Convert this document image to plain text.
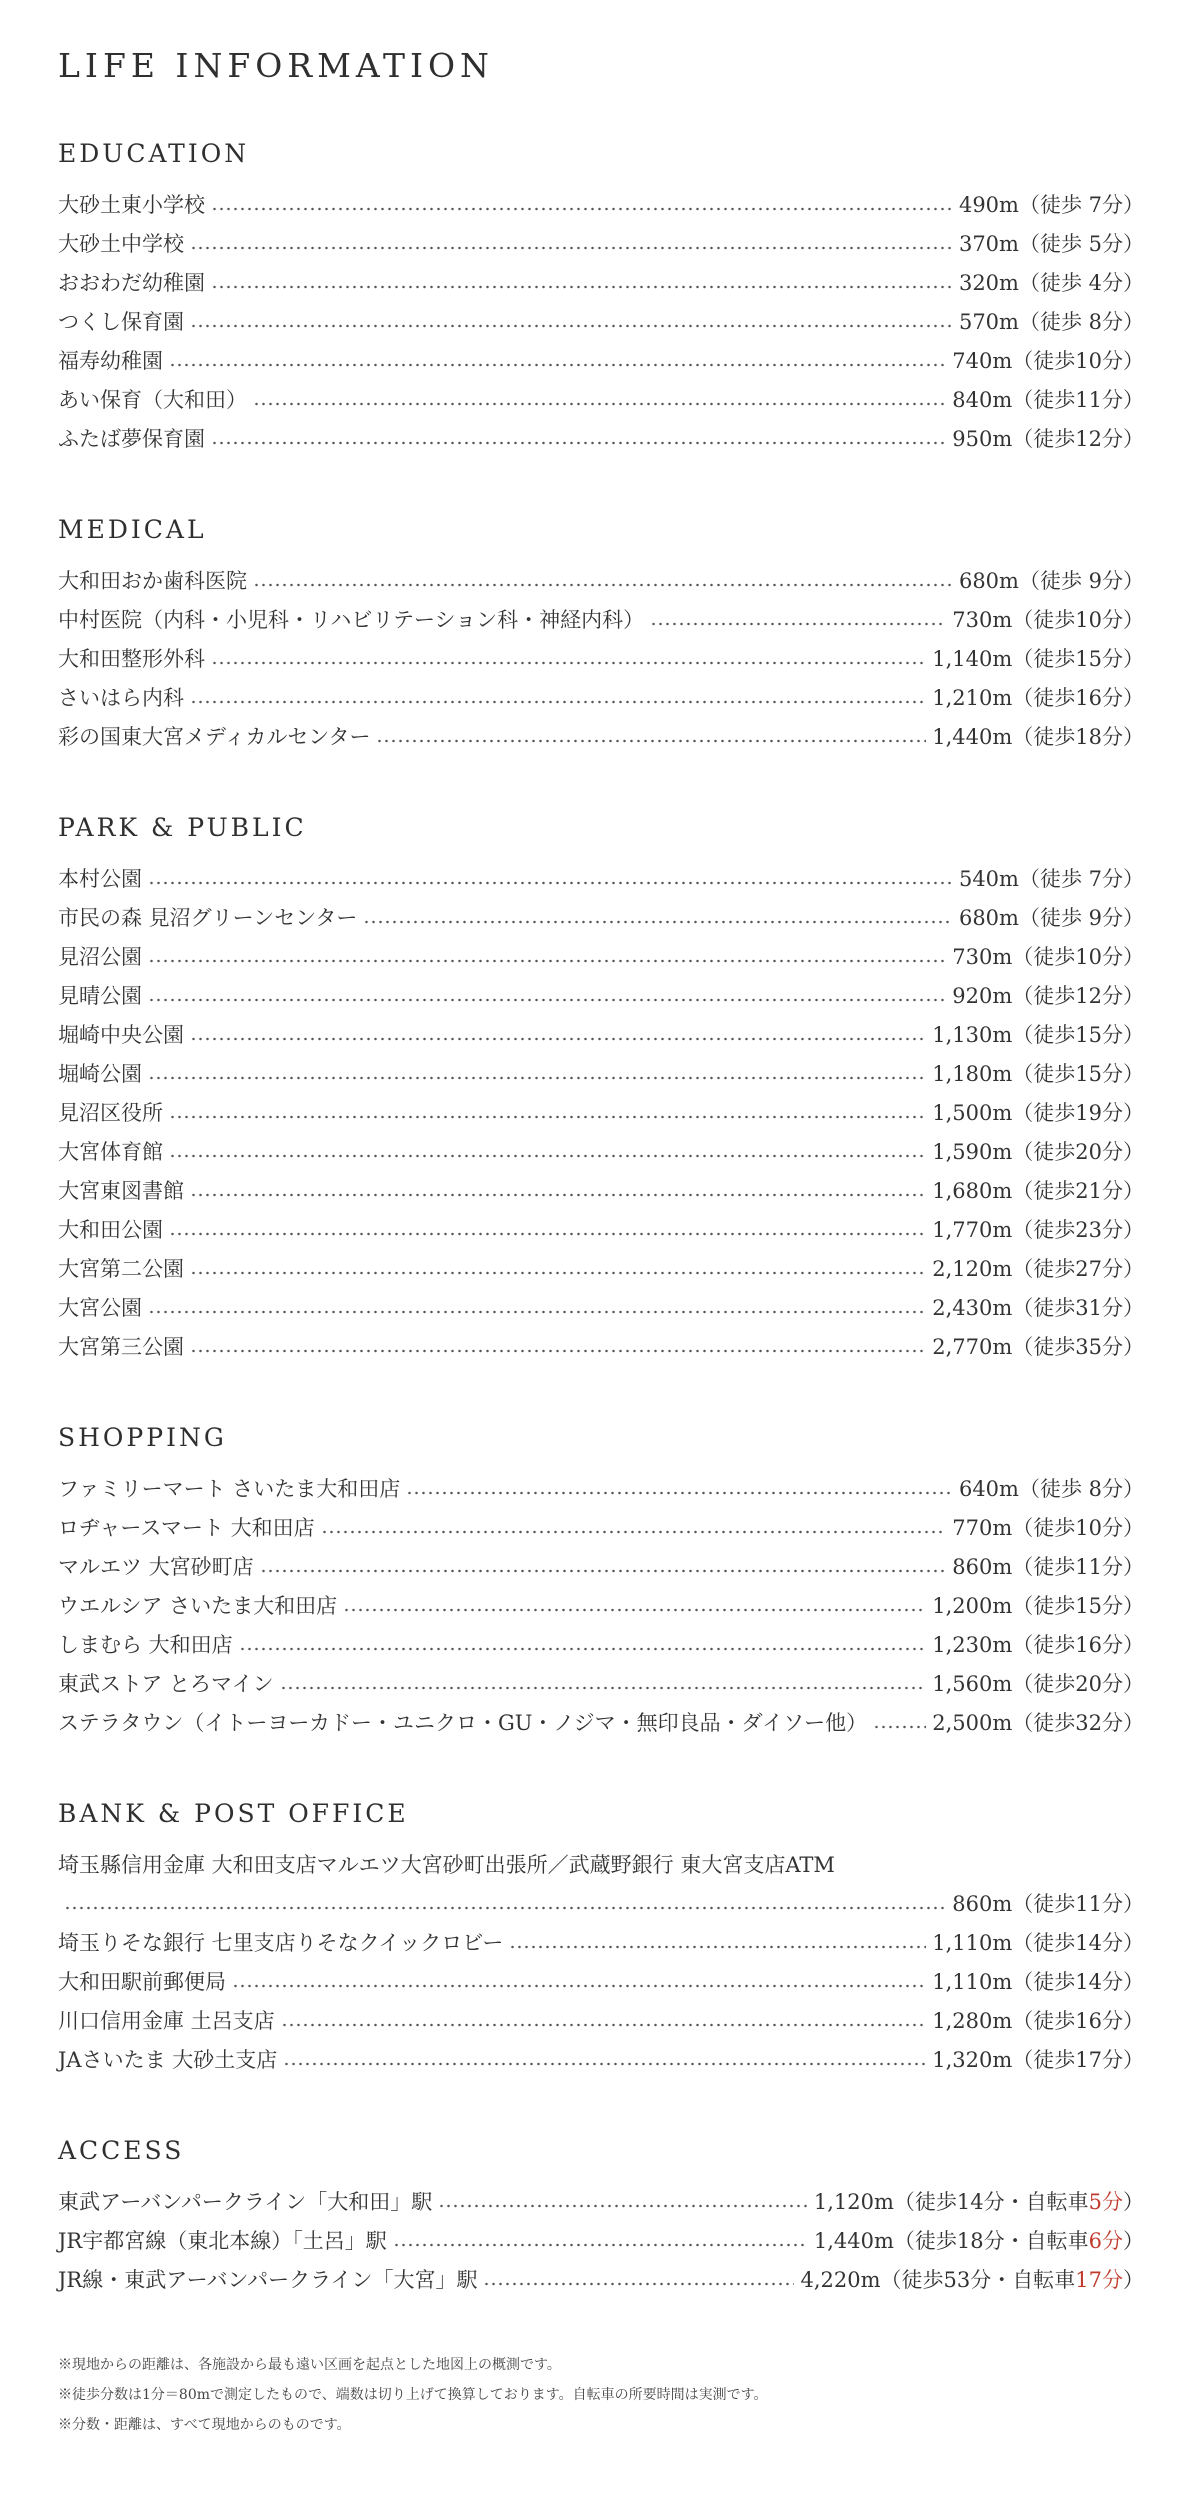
LIFE INFORMATION
EDUCATION
大砂土東小学校	490m （徒歩 7分）
大砂土中学校	370m （徒歩 5分）
おおわだ幼稚園	320m （徒歩 4分）
つくし保育園	570m （徒歩 8分）
福寿幼稚園	740m （徒歩10分）
あい保育（大和田）	840m （徒歩11分）
ふたば夢保育園	950m （徒歩12分）
MEDICAL
大和田おか歯科医院	680m （徒歩 9分）
中村医院（内科・小児科・リハビリテーション科・神経内科）	730m （徒歩10分）
大和田整形外科	1,140m （徒歩15分）
さいはら内科	1,210m （徒歩16分）
彩の国東大宮メディカルセンター	1,440m （徒歩18分）
PARK & PUBLIC
本村公園	540m （徒歩 7分）
市民の森 見沼グリーンセンター	680m （徒歩 9分）
見沼公園	730m （徒歩10分）
見晴公園	920m （徒歩12分）
堀崎中央公園	1,130m （徒歩15分）
堀崎公園	1,180m （徒歩15分）
見沼区役所	1,500m （徒歩19分）
大宮体育館	1,590m （徒歩20分）
大宮東図書館	1,680m （徒歩21分）
大和田公園	1,770m （徒歩23分）
大宮第二公園	2,120m （徒歩27分）
大宮公園	2,430m （徒歩31分）
大宮第三公園	2,770m （徒歩35分）
SHOPPING
ファミリーマート さいたま大和田店	640m （徒歩 8分）
ロヂャースマート 大和田店	770m （徒歩10分）
マルエツ 大宮砂町店	860m （徒歩11分）
ウエルシア さいたま大和田店	1,200m （徒歩15分）
しまむら 大和田店	1,230m （徒歩16分）
東武ストア とろマイン	1,560m （徒歩20分）
ステラタウン（イトーヨーカドー・ユニクロ・GU・ノジマ・無印良品・ダイソー他）	2,500m （徒歩32分）
BANK & POST OFFICE
埼玉縣信用金庫 大和田支店マルエツ大宮砂町出張所／武蔵野銀行 東大宮支店ATM
860m （徒歩11分）
埼玉りそな銀行 七里支店りそなクイックロビー	1,110m （徒歩14分）
大和田駅前郵便局	1,110m （徒歩14分）
川口信用金庫 土呂支店	1,280m （徒歩16分）
JAさいたま 大砂土支店	1,320m （徒歩17分）
ACCESS
東武アーバンパークライン「大和田」駅	1,120m （徒歩14分・自転車 5分 ）
JR宇都宮線（東北本線）「土呂」駅	1,440m （徒歩18分・自転車 6分 ）
JR線・東武アーバンパークライン「大宮」駅	4,220m （徒歩53分・自転車 17分 ）
※現地からの距離は、各施設から最も遠い区画を起点とした地図上の概測です。
※徒歩分数は1分＝80mで測定したもので、端数は切り上げて換算しております。自転車の所要時間は実測です。
※分数・距離は、すべて現地からのものです。
